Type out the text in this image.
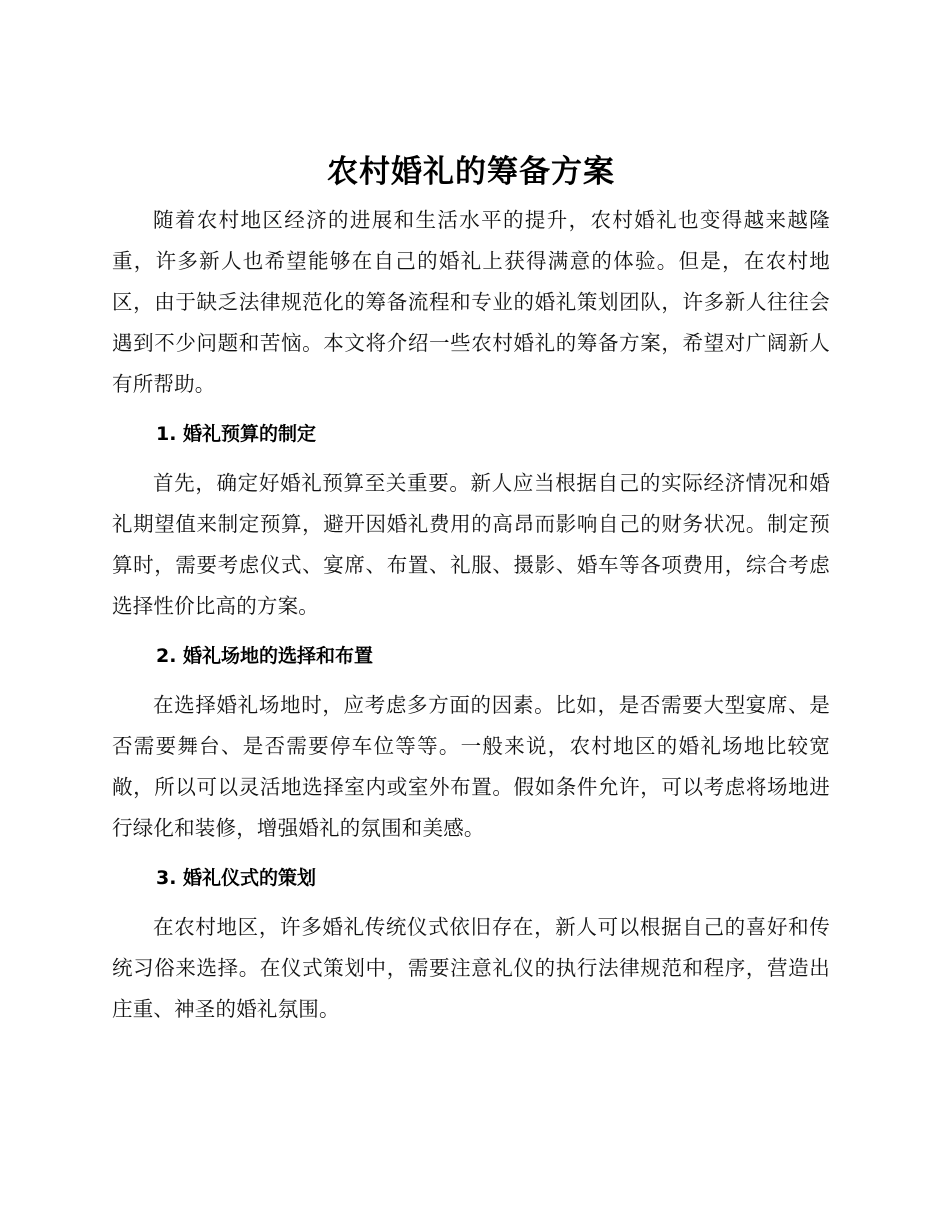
农村婚礼的筹备方案

随着农村地区经济的进展和生活水平的提升，农村婚礼也变得越来越隆重，许多新人也希望能够在自己的婚礼上获得满意的体验。但是，在农村地区，由于缺乏法律规范化的筹备流程和专业的婚礼策划团队，许多新人往往会遇到不少问题和苦恼。本文将介绍一些农村婚礼的筹备方案，希望对广阔新人有所帮助。

1. 婚礼预算的制定

首先，确定好婚礼预算至关重要。新人应当根据自己的实际经济情况和婚礼期望值来制定预算，避开因婚礼费用的高昂而影响自己的财务状况。制定预算时，需要考虑仪式、宴席、布置、礼服、摄影、婚车等各项费用，综合考虑选择性价比高的方案。

2. 婚礼场地的选择和布置

在选择婚礼场地时，应考虑多方面的因素。比如，是否需要大型宴席、是否需要舞台、是否需要停车位等等。一般来说，农村地区的婚礼场地比较宽敞，所以可以灵活地选择室内或室外布置。假如条件允许，可以考虑将场地进行绿化和装修，增强婚礼的氛围和美感。

3. 婚礼仪式的策划

在农村地区，许多婚礼传统仪式依旧存在，新人可以根据自己的喜好和传统习俗来选择。在仪式策划中，需要注意礼仪的执行法律规范和程序，营造出庄重、神圣的婚礼氛围。
